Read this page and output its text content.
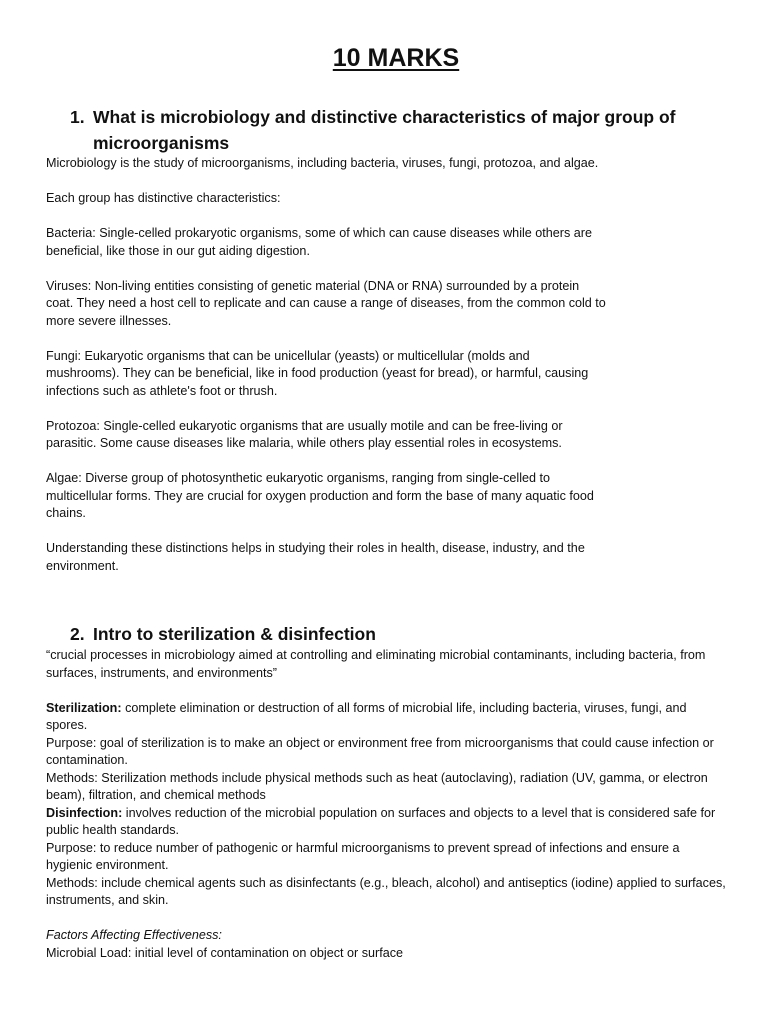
10 MARKS
1. What is microbiology and distinctive characteristics of major group of microorganisms

Microbiology is the study of microorganisms, including bacteria, viruses, fungi, protozoa, and algae.

Each group has distinctive characteristics:

Bacteria: Single-celled prokaryotic organisms, some of which can cause diseases while others are beneficial, like those in our gut aiding digestion.

Viruses: Non-living entities consisting of genetic material (DNA or RNA) surrounded by a protein coat. They need a host cell to replicate and can cause a range of diseases, from the common cold to more severe illnesses.

Fungi: Eukaryotic organisms that can be unicellular (yeasts) or multicellular (molds and mushrooms). They can be beneficial, like in food production (yeast for bread), or harmful, causing infections such as athlete's foot or thrush.

Protozoa: Single-celled eukaryotic organisms that are usually motile and can be free-living or parasitic. Some cause diseases like malaria, while others play essential roles in ecosystems.

Algae: Diverse group of photosynthetic eukaryotic organisms, ranging from single-celled to multicellular forms. They are crucial for oxygen production and form the base of many aquatic food chains.

Understanding these distinctions helps in studying their roles in health, disease, industry, and the environment.

2. Intro to sterilization & disinfection

“crucial processes in microbiology aimed at controlling and eliminating microbial contaminants, including bacteria, from surfaces, instruments, and environments”

Sterilization: complete elimination or destruction of all forms of microbial life, including bacteria, viruses, fungi, and spores.

Purpose: goal of sterilization is to make an object or environment free from microorganisms that could cause infection or contamination.

Methods: Sterilization methods include physical methods such as heat (autoclaving), radiation (UV, gamma, or electron beam), filtration, and chemical methods

Disinfection: involves reduction of the microbial population on surfaces and objects to a level that is considered safe for public health standards.

Purpose: to reduce number of pathogenic or harmful microorganisms to prevent spread of infections and ensure a hygienic environment.

Methods: include chemical agents such as disinfectants (e.g., bleach, alcohol) and antiseptics (iodine) applied to surfaces, instruments, and skin.

Factors Affecting Effectiveness:

Microbial Load: initial level of contamination on object or surface
